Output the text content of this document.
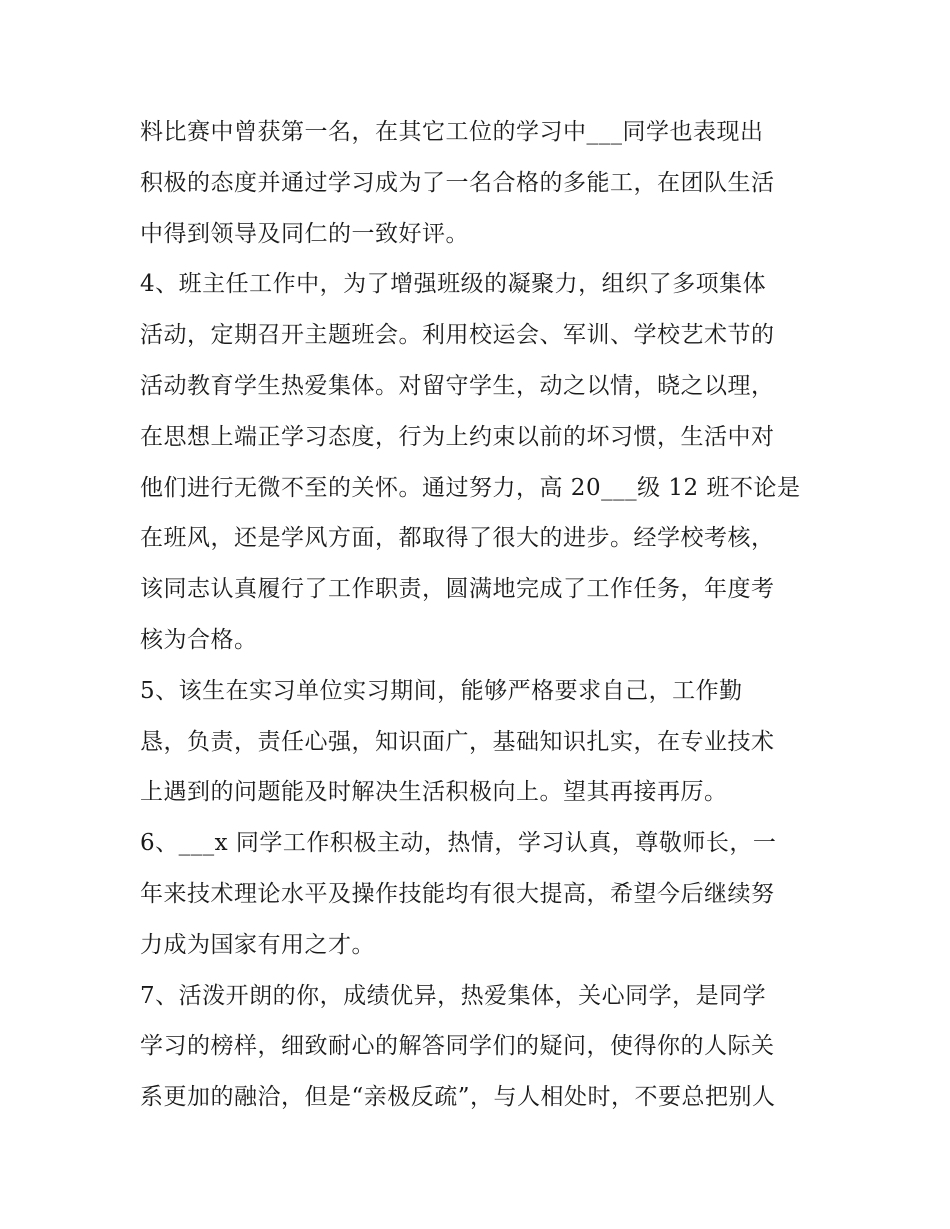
料比赛中曾获第一名，在其它工位的学习中___同学也表现出
积极的态度并通过学习成为了一名合格的多能工，在团队生活
中得到领导及同仁的一致好评。
4、班主任工作中，为了增强班级的凝聚力，组织了多项集体
活动，定期召开主题班会。利用校运会、军训、学校艺术节的
活动教育学生热爱集体。对留守学生，动之以情，晓之以理，
在思想上端正学习态度，行为上约束以前的坏习惯，生活中对
他们进行无微不至的关怀。通过努力，高 20___级 12 班不论是
在班风，还是学风方面，都取得了很大的进步。经学校考核，
该同志认真履行了工作职责，圆满地完成了工作任务，年度考
核为合格。
5、该生在实习单位实习期间，能够严格要求自己，工作勤
恳，负责，责任心强，知识面广，基础知识扎实，在专业技术
上遇到的问题能及时解决生活积极向上。望其再接再厉。
6、___x 同学工作积极主动，热情，学习认真，尊敬师长，一
年来技术理论水平及操作技能均有很大提高，希望今后继续努
力成为国家有用之才。
7、活泼开朗的你，成绩优异，热爱集体，关心同学，是同学
学习的榜样，细致耐心的解答同学们的疑问，使得你的人际关
系更加的融洽，但是“亲极反疏”，与人相处时，不要总把别人
